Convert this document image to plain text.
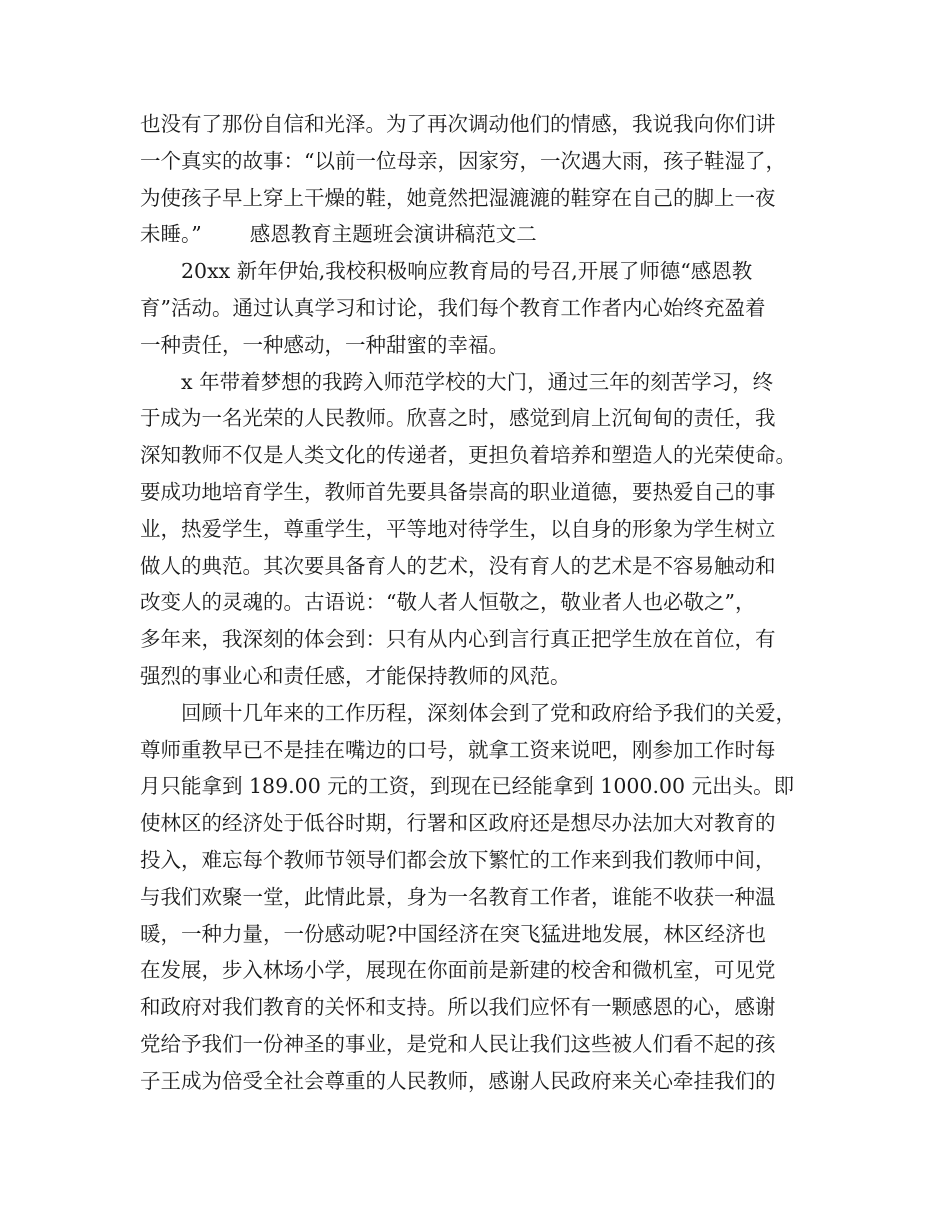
也没有了那份自信和光泽。为了再次调动他们的情感，我说我向你们讲
一个真实的故事：“以前一位母亲，因家穷，一次遇大雨，孩子鞋湿了，
为使孩子早上穿上干燥的鞋，她竟然把湿漉漉的鞋穿在自己的脚上一夜
未睡。” 感恩教育主题班会演讲稿范文二
20xx 新年伊始,我校积极响应教育局的号召,开展了师德“感恩教
育”活动。通过认真学习和讨论，我们每个教育工作者内心始终充盈着
一种责任，一种感动，一种甜蜜的幸福。
x 年带着梦想的我跨入师范学校的大门，通过三年的刻苦学习，终
于成为一名光荣的人民教师。欣喜之时，感觉到肩上沉甸甸的责任，我
深知教师不仅是人类文化的传递者，更担负着培养和塑造人的光荣使命。
要成功地培育学生，教师首先要具备崇高的职业道德，要热爱自己的事
业，热爱学生，尊重学生，平等地对待学生，以自身的形象为学生树立
做人的典范。其次要具备育人的艺术，没有育人的艺术是不容易触动和
改变人的灵魂的。古语说：“敬人者人恒敬之，敬业者人也必敬之”，
多年来，我深刻的体会到：只有从内心到言行真正把学生放在首位，有
强烈的事业心和责任感，才能保持教师的风范。
回顾十几年来的工作历程，深刻体会到了党和政府给予我们的关爱，
尊师重教早已不是挂在嘴边的口号，就拿工资来说吧，刚参加工作时每
月只能拿到 189.00 元的工资，到现在已经能拿到 1000.00 元出头。即
使林区的经济处于低谷时期，行署和区政府还是想尽办法加大对教育的
投入，难忘每个教师节领导们都会放下繁忙的工作来到我们教师中间，
与我们欢聚一堂，此情此景，身为一名教育工作者，谁能不收获一种温
暖，一种力量，一份感动呢?中国经济在突飞猛进地发展，林区经济也
在发展，步入林场小学，展现在你面前是新建的校舍和微机室，可见党
和政府对我们教育的关怀和支持。所以我们应怀有一颗感恩的心，感谢
党给予我们一份神圣的事业，是党和人民让我们这些被人们看不起的孩
子王成为倍受全社会尊重的人民教师，感谢人民政府来关心牵挂我们的
